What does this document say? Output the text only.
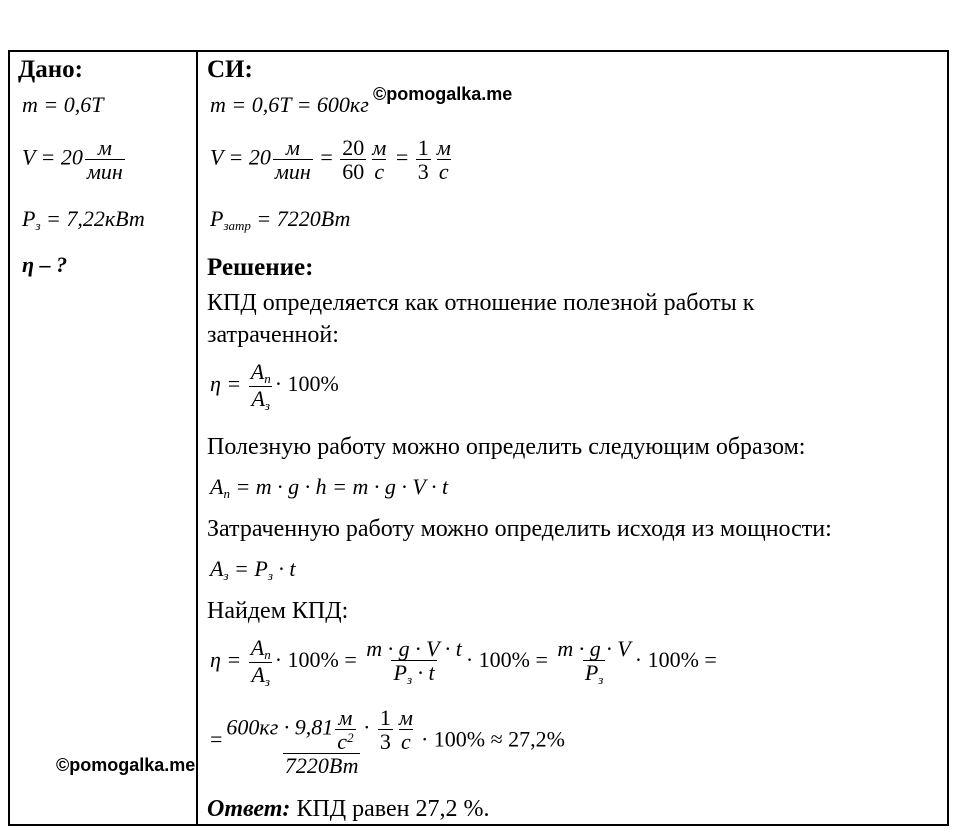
Дано:
m = 0,6T
$V = 20 \frac{м}{\text{мин}}$
$P_з = 7,22кВт$
η – ?
СИ:
m = 0,6T = 600кг
$V = 20 \frac{м}{\text{мин}} = \frac{20}{60} \frac{м}{с} = \frac{1}{3} \frac{м}{с}$
$P_{затр} = 7220Вт$
Решение:
КПД определяется как отношение полезной работы к
затраченной:
$\eta = \frac{A_п}{A_з} \cdot 100\%$
Полезную работу можно определить следующим образом:
$A_п = m \cdot g \cdot h = m \cdot g \cdot V \cdot t$
Затраченную работу можно определить исходя из мощности:
$A_з = P_з \cdot t$
Найдем КПД:
$\eta = \frac{A_п}{A_з} \cdot 100\% = \frac{m \cdot g \cdot V \cdot t}{P_з \cdot t} \cdot 100\% = \frac{m \cdot g \cdot V}{P_з} \cdot 100\%$ =
= $\frac{600кг \cdot 9,81 \frac{м}{c^2} \cdot \frac{1}{3} \frac{м}{c}}{7220Вт} \cdot 100\% \approx 27,2\%$
Ответ: КПД равен 27,2 %.
©pomogalka.me
©pomogalka.me
